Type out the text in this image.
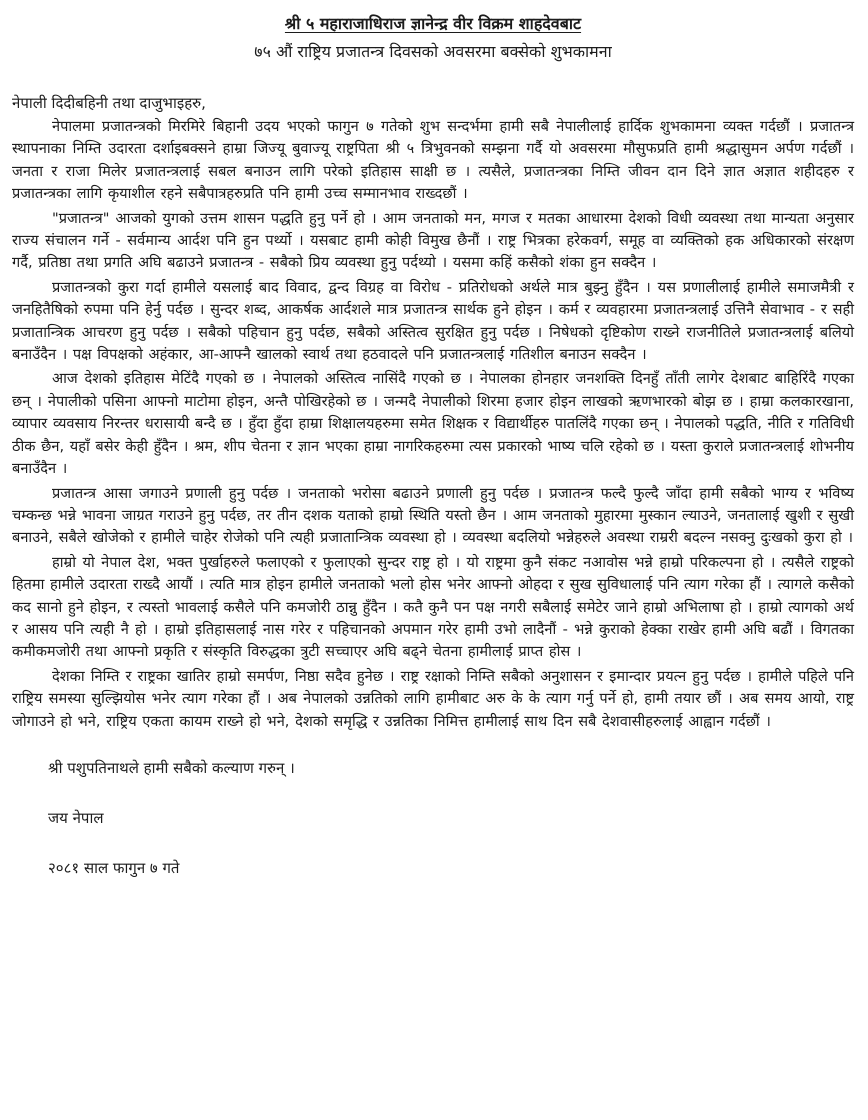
श्री ५ महाराजाधिराज ज्ञानेन्द्र वीर विक्रम शाहदेवबाट

७५ औं राष्ट्रिय प्रजातन्त्र दिवसको अवसरमा बक्सेको शुभकामना

नेपाली दिदीबहिनी तथा दाजुभाइहरु,

नेपालमा प्रजातन्त्रको मिरमिरे बिहानी उदय भएको फागुन ७ गतेको शुभ सन्दर्भमा हामी सबै नेपालीलाई हार्दिक शुभकामना व्यक्त गर्दछौं । प्रजातन्त्र स्थापनाका निम्ति उदारता दर्शाइबक्सने हाम्रा जिज्यू बुवाज्यू राष्ट्रपिता श्री ५ त्रिभुवनको सम्झना गर्दै यो अवसरमा मौसुफप्रति हामी श्रद्धासुमन अर्पण गर्दछौं । जनता र राजा मिलेर प्रजातन्त्रलाई सबल बनाउन लागि परेको इतिहास साक्षी छ । त्यसैले, प्रजातन्त्रका निम्ति जीवन दान दिने ज्ञात अज्ञात शहीदहरु र प्रजातन्त्रका लागि कृयाशील रहने सबैपात्रहरुप्रति पनि हामी उच्च सम्मानभाव राख्दछौं ।

"प्रजातन्त्र" आजको युगको उत्तम शासन पद्धति हुनु पर्ने हो । आम जनताको मन, मगज र मतका आधारमा देशको विधी व्यवस्था तथा मान्यता अनुसार राज्य संचालन गर्ने - सर्वमान्य आर्दश पनि हुन पर्थ्यो । यसबाट हामी कोही विमुख छैनौं । राष्ट्र भित्रका हरेकवर्ग, समूह वा व्यक्तिको हक अधिकारको संरक्षण गर्दै, प्रतिष्ठा तथा प्रगति अघि बढाउने प्रजातन्त्र - सबैको प्रिय व्यवस्था हुनु पर्दथ्यो । यसमा कहिं कसैको शंका हुन सक्दैन ।

प्रजातन्त्रको कुरा गर्दा हामीले यसलाई बाद विवाद, द्वन्द विग्रह वा विरोध - प्रतिरोधको अर्थले मात्र बुझ्नु हुँदैन । यस प्रणालीलाई हामीले समाजमैत्री र जनहितैषिको रुपमा पनि हेर्नु पर्दछ । सुन्दर शब्द, आकर्षक आर्दशले मात्र प्रजातन्त्र सार्थक हुने होइन । कर्म र व्यवहारमा प्रजातन्त्रलाई उत्तिनै सेवाभाव - र सही प्रजातान्त्रिक आचरण हुनु पर्दछ । सबैको पहिचान हुनु पर्दछ, सबैको अस्तित्व सुरक्षित हुनु पर्दछ । निषेधको दृष्टिकोण राख्ने राजनीतिले प्रजातन्त्रलाई बलियो बनाउँदैन । पक्ष विपक्षको अहंकार, आ-आफ्नै खालको स्वार्थ तथा हठवादले पनि प्रजातन्त्रलाई गतिशील बनाउन सक्दैन ।

आज देशको इतिहास मेटिंदै गएको छ । नेपालको अस्तित्व नासिंदै गएको छ । नेपालका होनहार जनशक्ति दिनहुँ ताँती लागेर देशबाट बाहिरिंदै गएका छन् । नेपालीको पसिना आफ्नो माटोमा होइन, अन्तै पोखिरहेको छ । जन्मदै नेपालीको शिरमा हजार होइन लाखको ऋणभारको बोझ छ । हाम्रा कलकारखाना, व्यापार व्यवसाय निरन्तर धरासायी बन्दै छ । हुँदा हुँदा हाम्रा शिक्षालयहरुमा समेत शिक्षक र विद्यार्थीहरु पातलिंदै गएका छन् । नेपालको पद्धति, नीति र गतिविधी ठीक छैन, यहाँ बसेर केही हुँदैन । श्रम, शीप चेतना र ज्ञान भएका हाम्रा नागरिकहरुमा त्यस प्रकारको भाष्य चलि रहेको छ । यस्ता कुराले प्रजातन्त्रलाई शोभनीय बनाउँदैन ।

प्रजातन्त्र आसा जगाउने प्रणाली हुनु पर्दछ । जनताको भरोसा बढाउने प्रणाली हुनु पर्दछ । प्रजातन्त्र फल्दै फुल्दै जाँदा हामी सबैको भाग्य र भविष्य चम्कन्छ भन्ने भावना जाग्रत गराउने हुनु पर्दछ, तर तीन दशक यताको हाम्रो स्थिति यस्तो छैन । आम जनताको मुहारमा मुस्कान ल्याउने, जनतालाई खुशी र सुखी बनाउने, सबैले खोजेको र हामीले चाहेर रोजेको पनि त्यही प्रजातान्त्रिक व्यवस्था हो । व्यवस्था बदलियो भन्नेहरुले अवस्था राम्ररी बदल्न नसक्नु दुःखको कुरा हो ।

हाम्रो यो नेपाल देश, भक्त पुर्खाहरुले फलाएको र फुलाएको सुन्दर राष्ट्र हो । यो राष्ट्रमा कुनै संकट नआवोस भन्ने हाम्रो परिकल्पना हो । त्यसैले राष्ट्रको हितमा हामीले उदारता राख्दै आयौं । त्यति मात्र होइन हामीले जनताको भलो होस भनेर आफ्नो ओहदा र सुख सुविधालाई पनि त्याग गरेका हौं । त्यागले कसैको कद सानो हुने होइन, र त्यस्तो भावलाई कसैले पनि कमजोरी ठान्नु हुँदैन । कतै कुनै पन पक्ष नगरी सबैलाई समेटेर जाने हाम्रो अभिलाषा हो । हाम्रो त्यागको अर्थ र आसय पनि त्यही नै हो । हाम्रो इतिहासलाई नास गरेर र पहिचानको अपमान गरेर हामी उभो लादैनौं - भन्ने कुराको हेक्का राखेर हामी अघि बढौं । विगतका कमीकमजोरी तथा आफ्नो प्रकृति र संस्कृति विरुद्धका त्रुटी सच्चाएर अघि बढ्ने चेतना हामीलाई प्राप्त होस ।

देशका निम्ति र राष्ट्रका खातिर हाम्रो समर्पण, निष्ठा सदैव हुनेछ । राष्ट्र रक्षाको निम्ति सबैको अनुशासन र इमान्दार प्रयत्न हुनु पर्दछ । हामीले पहिले पनि राष्ट्रिय समस्या सुल्झियोस भनेर त्याग गरेका हौं । अब नेपालको उन्नतिको लागि हामीबाट अरु के के त्याग गर्नु पर्ने हो, हामी तयार छौं । अब समय आयो, राष्ट्र जोगाउने हो भने, राष्ट्रिय एकता कायम राख्ने हो भने, देशको समृद्धि र उन्नतिका निमित्त हामीलाई साथ दिन सबै देशवासीहरुलाई आह्वान गर्दछौं ।

श्री पशुपतिनाथले हामी सबैको कल्याण गरुन् ।

जय नेपाल

२०८१ साल फागुन ७ गते
